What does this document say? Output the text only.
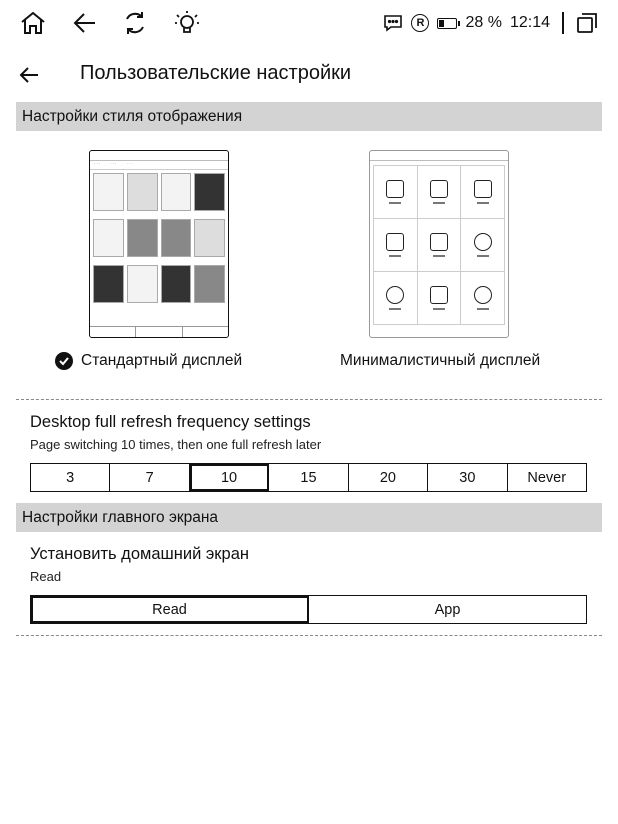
R	28 % 12:14
Пользовательские настройки
Настройки стиля отображения
· · ·	· · ·	· · ·
Стандартный дисплей	Минималистичный дисплей
Desktop full refresh frequency settings
Page switching 10 times, then one full refresh later
3	7	10	15	20	30	Never
Настройки главного экрана
Установить домашний экран
Read
Read	App
